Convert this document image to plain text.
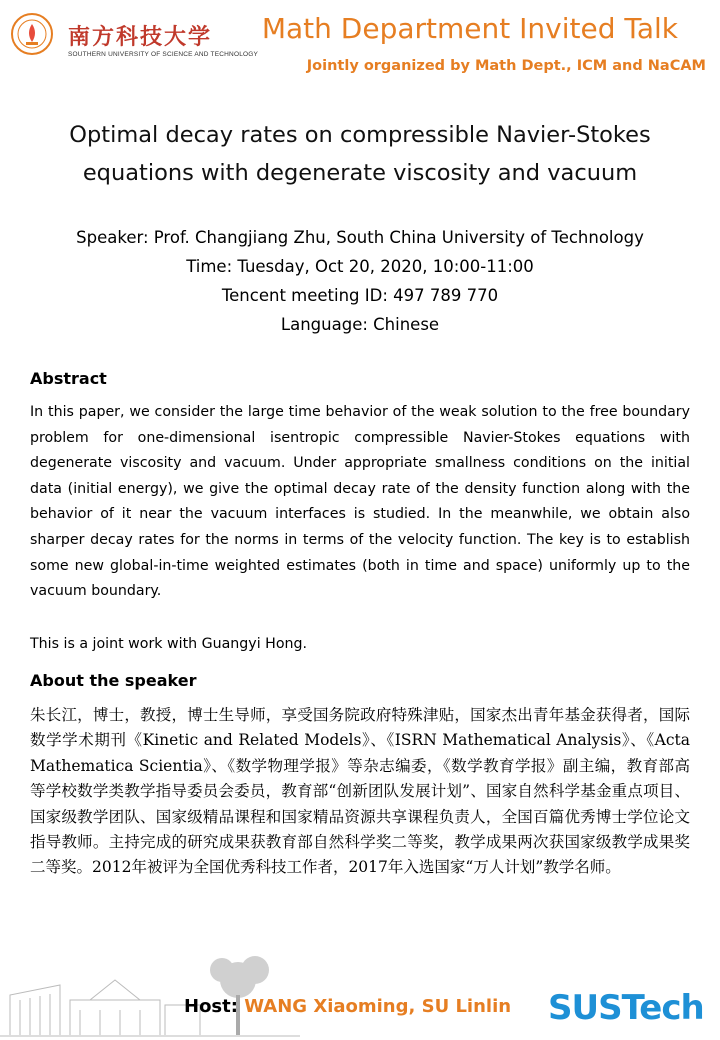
南方科技大学
SOUTHERN UNIVERSITY OF SCIENCE AND TECHNOLOGY
Math Department Invited Talk
Jointly organized by Math Dept., ICM and NaCAM
Optimal decay rates on compressible Navier-Stokes
equations with degenerate viscosity and vacuum
Speaker: Prof. Changjiang Zhu, South China University of Technology
Time: Tuesday, Oct 20, 2020, 10:00-11:00
Tencent meeting ID: 497 789 770
Language: Chinese
Abstract
In this paper, we consider the large time behavior of the weak solution to the free boundary problem for one-dimensional isentropic compressible Navier-Stokes equations with degenerate viscosity and vacuum. Under appropriate smallness conditions on the initial data (initial energy), we give the optimal decay rate of the density function along with the behavior of it near the vacuum interfaces is studied. In the meanwhile, we obtain also sharper decay rates for the norms in terms of the velocity function. The key is to establish some new global-in-time weighted estimates (both in time and space) uniformly up to the vacuum boundary.
This is a joint work with Guangyi Hong.
About the speaker
朱长江，博士，教授，博士生导师，享受国务院政府特殊津贴，国家杰出青年基金获得者，国际数学学术期刊《Kinetic and Related Models》、《ISRN Mathematical Analysis》、《Acta Mathematica Scientia》、《数学物理学报》等杂志编委，《数学教育学报》副主编，教育部高等学校数学类教学指导委员会委员，教育部“创新团队发展计划”、国家自然科学基金重点项目、国家级教学团队、国家级精品课程和国家精品资源共享课程负责人，全国百篇优秀博士学位论文指导教师。主持完成的研究成果获教育部自然科学奖二等奖，教学成果两次获国家级教学成果奖二等奖。2012年被评为全国优秀科技工作者，2017年入选国家“万人计划”教学名师。
Host: WANG Xiaoming, SU Linlin SUSTech
